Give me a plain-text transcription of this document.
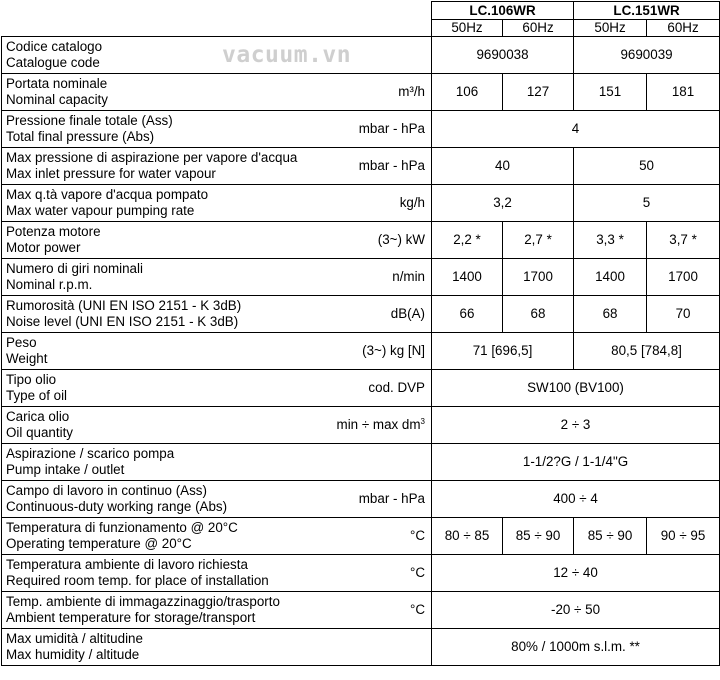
		LC.106WR		LC.151WR	
		50Hz	60Hz	50Hz	60Hz

Codice catalogo
Catalogue code		9690038		9690039	

Portata nominale
Nominal capacity	m³/h	106	127	151	181

Pressione finale totale (Ass)
Total final pressure (Abs)	mbar - hPa	4			

Max pressione di aspirazione per vapore d'acqua
Max inlet pressure for water vapour	mbar - hPa	40		50	

Max q.tà vapore d'acqua pompato
Max water vapour pumping rate	kg/h	3,2		5	

Potenza motore
Motor power	(3~) kW	2,2 *	2,7 *	3,3 *	3,7 *

Numero di giri nominali
Nominal r.p.m.	n/min	1400	1700	1400	1700

Rumorosità (UNI EN ISO 2151 - K 3dB)
Noise level (UNI EN ISO 2151 - K 3dB)	dB(A)	66	68	68	70

Peso
Weight	(3~) kg [N]	71 [696,5]		80,5 [784,8]	

Tipo olio
Type of oil	cod. DVP	SW100 (BV100)			

Carica olio
Oil quantity	$\min \div \max dm^3$	2 ÷ 3			

Aspirazione / scarico pompa
Pump intake / outlet		1-1/2?G / 1-1/4"G			

Campo di lavoro in continuo (Ass)
Continuous-duty working range (Abs)	mbar - hPa	400 ÷ 4			

Temperatura di funzionamento @ 20°C
Operating temperature @ 20°C	°C	80 ÷ 85	85 ÷ 90	85 ÷ 90	90 ÷ 95

Temperatura ambiente di lavoro richiesta
Required room temp. for place of installation	°C	12 ÷ 40			

Temp. ambiente di immagazzinaggio/trasporto
Ambient temperature for storage/transport	°C	-20 ÷ 50			

Max umidità / altitudine
Max humidity / altitude		80% / 1000m s.l.m. **			
vacuum.vn
